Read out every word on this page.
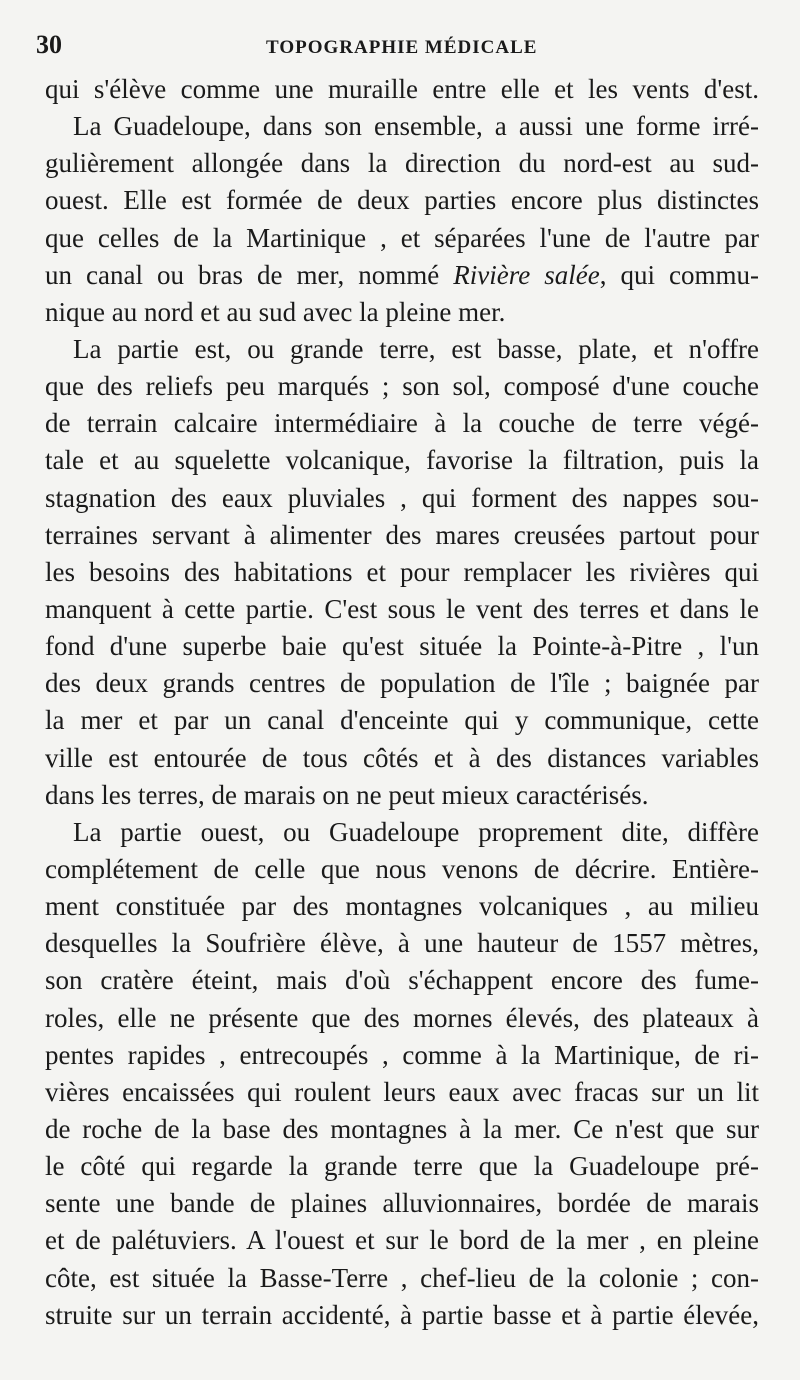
30	TOPOGRAPHIE MÉDICALE
qui s'élève comme une muraille entre elle et les vents d'est.
La Guadeloupe, dans son ensemble, a aussi une forme irré-
gulièrement allongée dans la direction du nord-est au sud-
ouest. Elle est formée de deux parties encore plus distinctes
que celles de la Martinique , et séparées l'une de l'autre par
un canal ou bras de mer, nommé Rivière salée, qui commu-
nique au nord et au sud avec la pleine mer.
La partie est, ou grande terre, est basse, plate, et n'offre
que des reliefs peu marqués ; son sol, composé d'une couche
de terrain calcaire intermédiaire à la couche de terre végé-
tale et au squelette volcanique, favorise la filtration, puis la
stagnation des eaux pluviales , qui forment des nappes sou-
terraines servant à alimenter des mares creusées partout pour
les besoins des habitations et pour remplacer les rivières qui
manquent à cette partie. C'est sous le vent des terres et dans le
fond d'une superbe baie qu'est située la Pointe-à-Pitre , l'un
des deux grands centres de population de l'île ; baignée par
la mer et par un canal d'enceinte qui y communique, cette
ville est entourée de tous côtés et à des distances variables
dans les terres, de marais on ne peut mieux caractérisés.
La partie ouest, ou Guadeloupe proprement dite, diffère
complétement de celle que nous venons de décrire. Entière-
ment constituée par des montagnes volcaniques , au milieu
desquelles la Soufrière élève, à une hauteur de 1557 mètres,
son cratère éteint, mais d'où s'échappent encore des fume-
roles, elle ne présente que des mornes élevés, des plateaux à
pentes rapides , entrecoupés , comme à la Martinique, de ri-
vières encaissées qui roulent leurs eaux avec fracas sur un lit
de roche de la base des montagnes à la mer. Ce n'est que sur
le côté qui regarde la grande terre que la Guadeloupe pré-
sente une bande de plaines alluvionnaires, bordée de marais
et de palétuviers. A l'ouest et sur le bord de la mer , en pleine
côte, est située la Basse-Terre , chef-lieu de la colonie ; con-
struite sur un terrain accidenté, à partie basse et à partie élevée,
